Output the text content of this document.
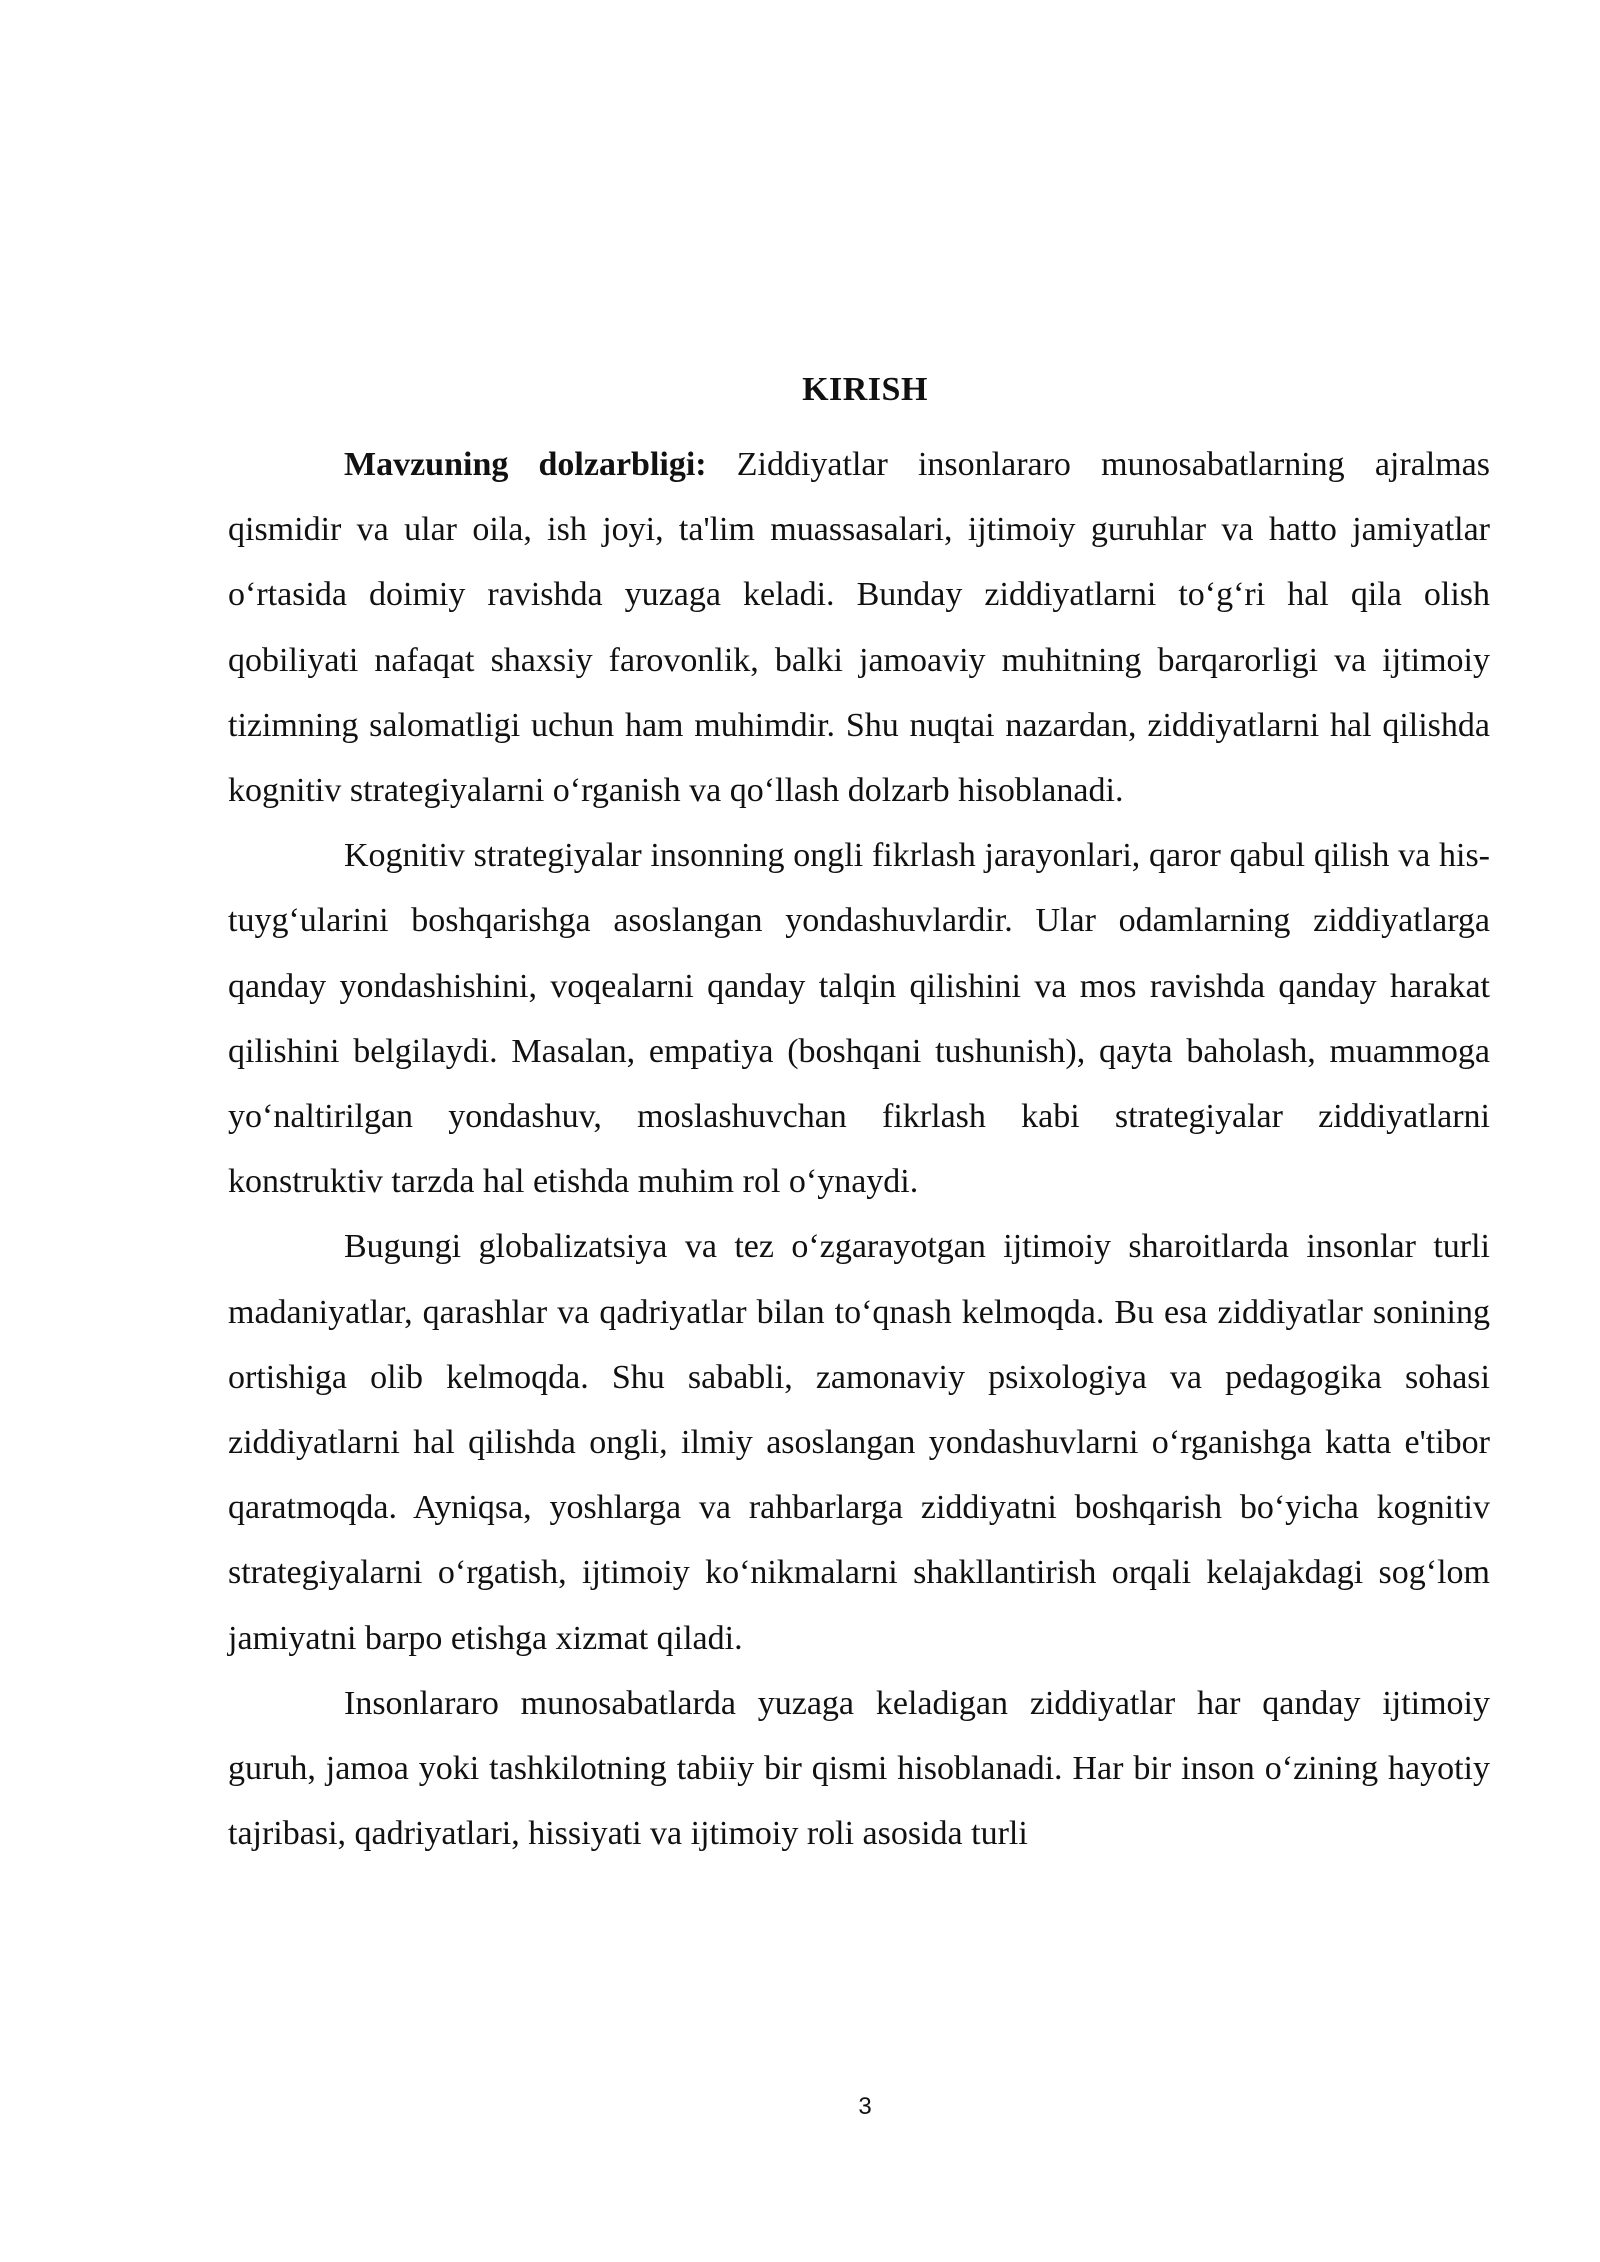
KIRISH

Mavzuning dolzarbligi: Ziddiyatlar insonlararo munosabatlarning ajralmas qismidir va ular oila, ish joyi, ta'lim muassasalari, ijtimoiy guruhlar va hatto jamiyatlar o‘rtasida doimiy ravishda yuzaga keladi. Bunday ziddiyatlarni to‘g‘ri hal qila olish qobiliyati nafaqat shaxsiy farovonlik, balki jamoaviy muhitning barqarorligi va ijtimoiy tizimning salomatligi uchun ham muhimdir. Shu nuqtai nazardan, ziddiyatlarni hal qilishda kognitiv strategiyalarni o‘rganish va qo‘llash dolzarb hisoblanadi.

Kognitiv strategiyalar insonning ongli fikrlash jarayonlari, qaror qabul qilish va his-tuyg‘ularini boshqarishga asoslangan yondashuvlardir. Ular odamlarning ziddiyatlarga qanday yondashishini, voqealarni qanday talqin qilishini va mos ravishda qanday harakat qilishini belgilaydi. Masalan, empatiya (boshqani tushunish), qayta baholash, muammoga yo‘naltirilgan yondashuv, moslashuvchan fikrlash kabi strategiyalar ziddiyatlarni konstruktiv tarzda hal etishda muhim rol o‘ynaydi.

Bugungi globalizatsiya va tez o‘zgarayotgan ijtimoiy sharoitlarda insonlar turli madaniyatlar, qarashlar va qadriyatlar bilan to‘qnash kelmoqda. Bu esa ziddiyatlar sonining ortishiga olib kelmoqda. Shu sababli, zamonaviy psixologiya va pedagogika sohasi ziddiyatlarni hal qilishda ongli, ilmiy asoslangan yondashuvlarni o‘rganishga katta e'tibor qaratmoqda. Ayniqsa, yoshlarga va rahbarlarga ziddiyatni boshqarish bo‘yicha kognitiv strategiyalarni o‘rgatish, ijtimoiy ko‘nikmalarni shakllantirish orqali kelajakdagi sog‘lom jamiyatni barpo etishga xizmat qiladi.

Insonlararo munosabatlarda yuzaga keladigan ziddiyatlar har qanday ijtimoiy guruh, jamoa yoki tashkilotning tabiiy bir qismi hisoblanadi. Har bir inson o‘zining hayotiy tajribasi, qadriyatlari, hissiyati va ijtimoiy roli asosida turli

3
